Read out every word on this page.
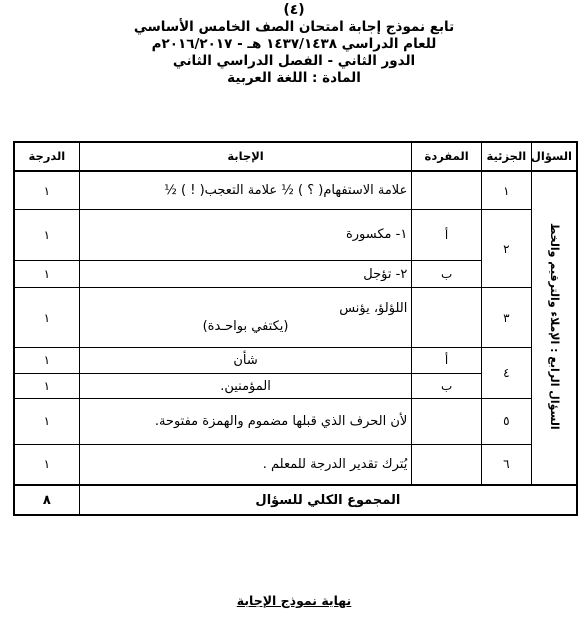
(٤)
تابع نموذج إجابة امتحان الصف الخامس الأساسي
للعام الدراسي ١٤٣٧/١٤٣٨ هـ - ٢٠١٦/٢٠١٧م
الدور الثاني - الفصل الدراسي الثاني
المادة : اللغة العربية
السؤال	الجزئية	المفردة	الإجابة	الدرجة
السؤال الرابع : الإملاء والترقيم والخط	١		علامة الاستفهام( ؟ ) ½ علامة التعجب( ! ) ½	١
	٢	أ	١- مكسورة	١
		ب	٢- تؤجل	١
	٣		اللؤلؤ، يؤنس
(يكتفي بواحـدة)	١
	٤	أ	شأن	١
		ب	المؤمنين.	١
	٥		لأن الحرف الذي قبلها مضموم والهمزة مفتوحة.	١
	٦		يُترك تقدير الدرجة للمعلم .	١
المجموع الكلي للسؤال				٨
نهاية نموذج الإجابة
